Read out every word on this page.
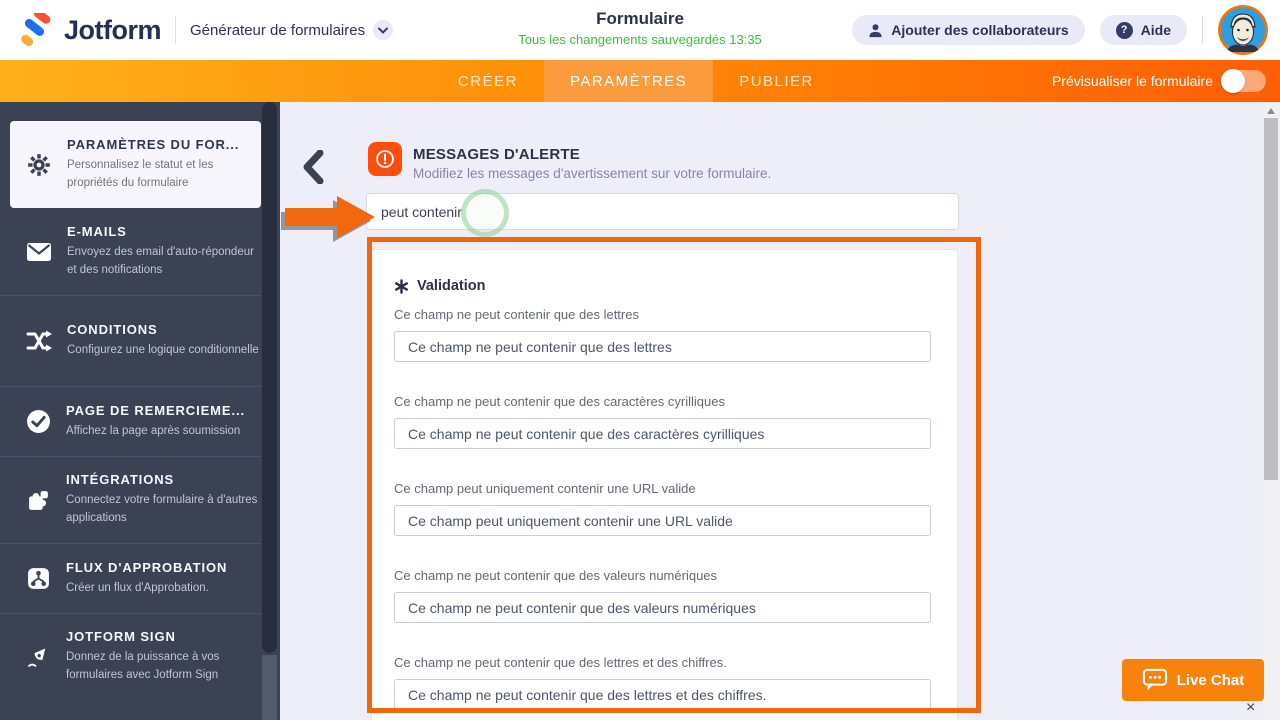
Jotform Générateur de formulaires
Formulaire
Tous les changements sauvegardés 13:35
Ajouter des collaborateurs	? Aide
CRÉER	PARAMÈTRES	PUBLIER	Prévisualiser le formulaire
PARAMÈTRES DU FOR...
Personnalisez le statut et les propriétés du formulaire
E-MAILS
Envoyez des email d'auto-répondeur et des notifications
CONDITIONS
Configurez une logique conditionnelle
PAGE DE REMERCIEME...
Affichez la page après soumission
INTÉGRATIONS
Connectez votre formulaire à d'autres applications
FLUX D'APPROBATION
Créer un flux d'Approbation.
JOTFORM SIGN
Donnez de la puissance à vos formulaires avec Jotform Sign
MESSAGES D'ALERTE
Modifiez les messages d'avertissement sur votre formulaire.
peut contenir
Validation
Ce champ ne peut contenir que des lettres
Ce champ ne peut contenir que des lettres
Ce champ ne peut contenir que des caractères cyrilliques
Ce champ ne peut contenir que des caractères cyrilliques
Ce champ peut uniquement contenir une URL valide
Ce champ peut uniquement contenir une URL valide
Ce champ ne peut contenir que des valeurs numériques
Ce champ ne peut contenir que des valeurs numériques
Ce champ ne peut contenir que des lettres et des chiffres.
Ce champ ne peut contenir que des lettres et des chiffres.
Live Chat
×
